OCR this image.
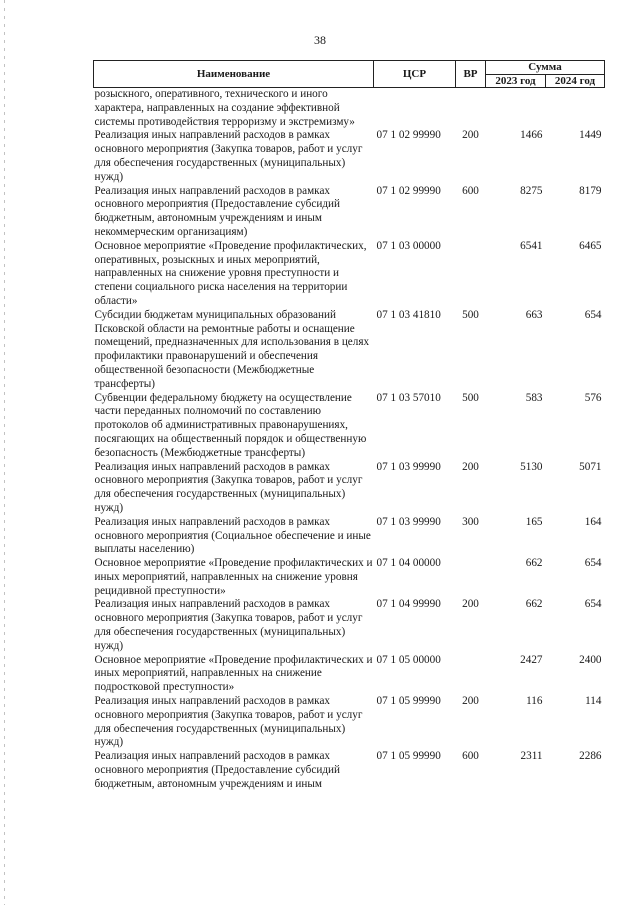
38
Наименование	ЦСР	ВР	Сумма	
			2023 год	2024 год
розыскного, оперативного, технического и иного характера, направленных на создание эффективной системы противодействия терроризму и экстремизму»				
Реализация иных направлений расходов в рамках основного мероприятия (Закупка товаров, работ и услуг для обеспечения государственных (муниципальных) нужд)	07 1 02 99990	200	1466	1449
Реализация иных направлений расходов в рамках основного мероприятия (Предоставление субсидий бюджетным, автономным учреждениям и иным некоммерческим организациям)	07 1 02 99990	600	8275	8179
Основное мероприятие «Проведение профилактических, оперативных, розыскных и иных мероприятий, направленных на снижение уровня преступности и степени социального риска населения на территории области»	07 1 03 00000		6541	6465
Субсидии бюджетам муниципальных образований Псковской области на ремонтные работы и оснащение помещений, предназначенных для использования в целях профилактики правонарушений и обеспечения общественной безопасности (Межбюджетные трансферты)	07 1 03 41810	500	663	654
Субвенции федеральному бюджету на осуществление части переданных полномочий по составлению протоколов об административных правонарушениях, посягающих на общественный порядок и общественную безопасность (Межбюджетные трансферты)	07 1 03 57010	500	583	576
Реализация иных направлений расходов в рамках основного мероприятия (Закупка товаров, работ и услуг для обеспечения государственных (муниципальных) нужд)	07 1 03 99990	200	5130	5071
Реализация иных направлений расходов в рамках основного мероприятия (Социальное обеспечение и иные выплаты населению)	07 1 03 99990	300	165	164
Основное мероприятие «Проведение профилактических и иных мероприятий, направленных на снижение уровня рецидивной преступности»	07 1 04 00000		662	654
Реализация иных направлений расходов в рамках основного мероприятия (Закупка товаров, работ и услуг для обеспечения государственных (муниципальных) нужд)	07 1 04 99990	200	662	654
Основное мероприятие «Проведение профилактических и иных мероприятий, направленных на снижение подростковой преступности»	07 1 05 00000		2427	2400
Реализация иных направлений расходов в рамках основного мероприятия (Закупка товаров, работ и услуг для обеспечения государственных (муниципальных) нужд)	07 1 05 99990	200	116	114
Реализация иных направлений расходов в рамках основного мероприятия (Предоставление субсидий бюджетным, автономным учреждениям и иным	07 1 05 99990	600	2311	2286
